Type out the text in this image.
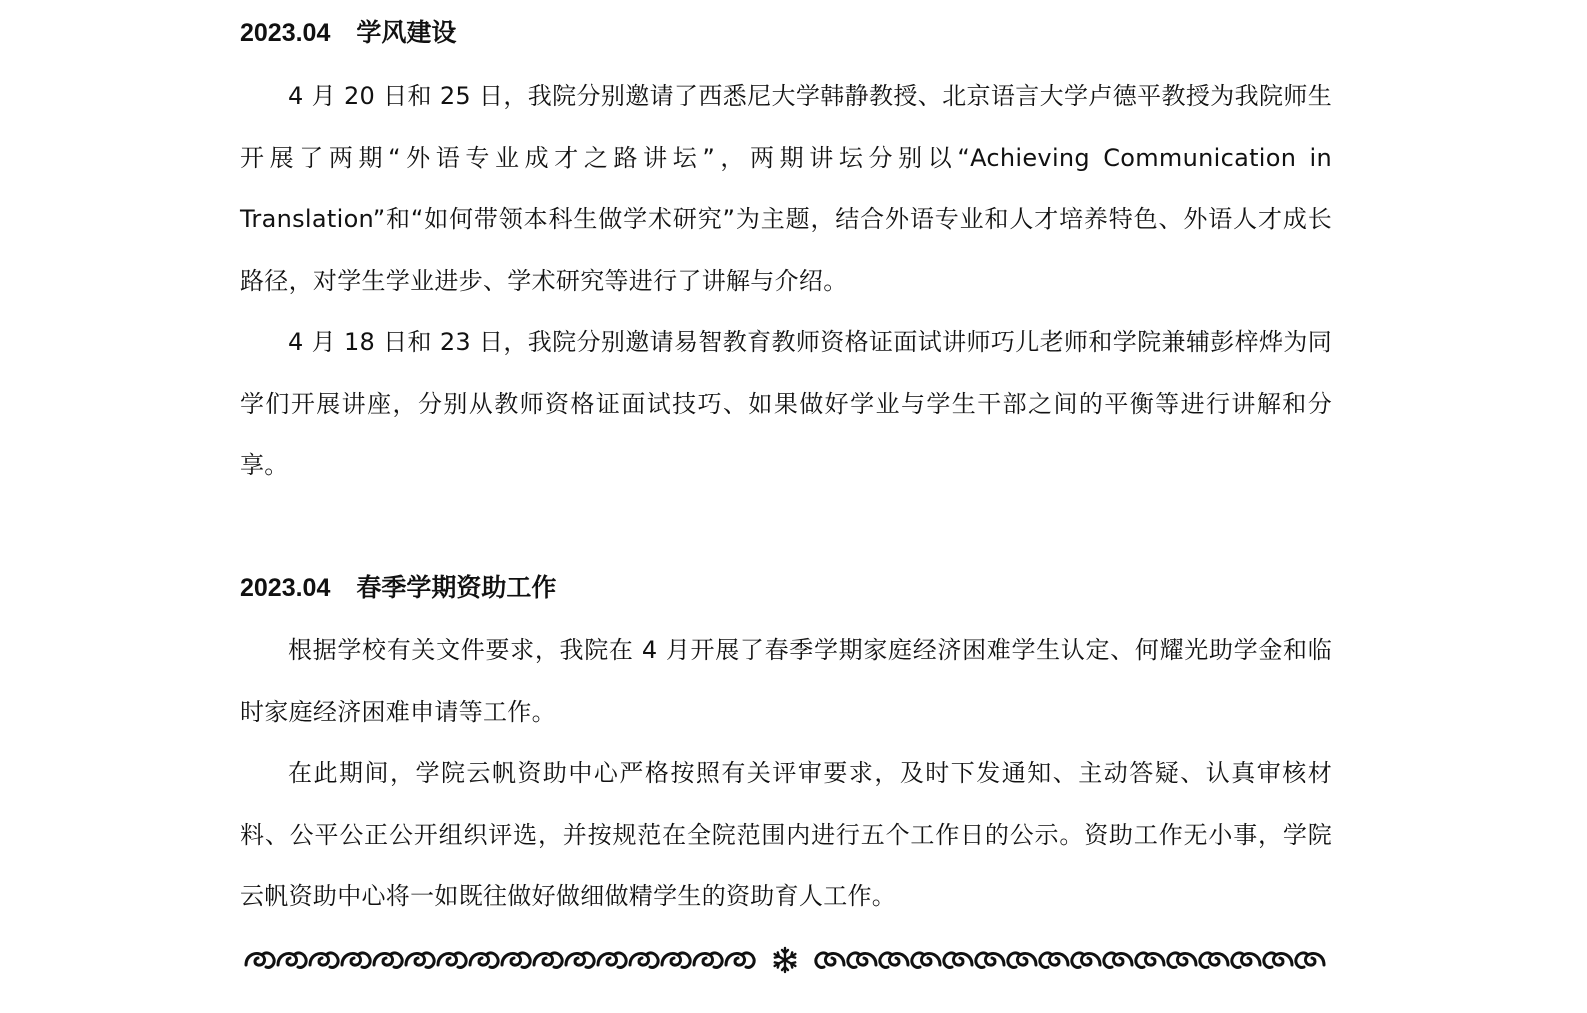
2023.04 学风建设

4 月 20 日和 25 日，我院分别邀请了西悉尼大学韩静教授、北京语言大学卢德平教授为我院师生开展了两期“外语专业成才之路讲坛”，两期讲坛分别以“Achieving Communication in Translation”和“如何带领本科生做学术研究”为主题，结合外语专业和人才培养特色、外语人才成长路径，对学生学业进步、学术研究等进行了讲解与介绍。

4 月 18 日和 23 日，我院分别邀请易智教育教师资格证面试讲师巧儿老师和学院兼辅彭梓烨为同学们开展讲座，分别从教师资格证面试技巧、如果做好学业与学生干部之间的平衡等进行讲解和分享。

2023.04 春季学期资助工作

根据学校有关文件要求，我院在 4 月开展了春季学期家庭经济困难学生认定、何耀光助学金和临时家庭经济困难申请等工作。

在此期间，学院云帆资助中心严格按照有关评审要求，及时下发通知、主动答疑、认真审核材料、公平公正公开组织评选，并按规范在全院范围内进行五个工作日的公示。资助工作无小事，学院云帆资助中心将一如既往做好做细做精学生的资助育人工作。
